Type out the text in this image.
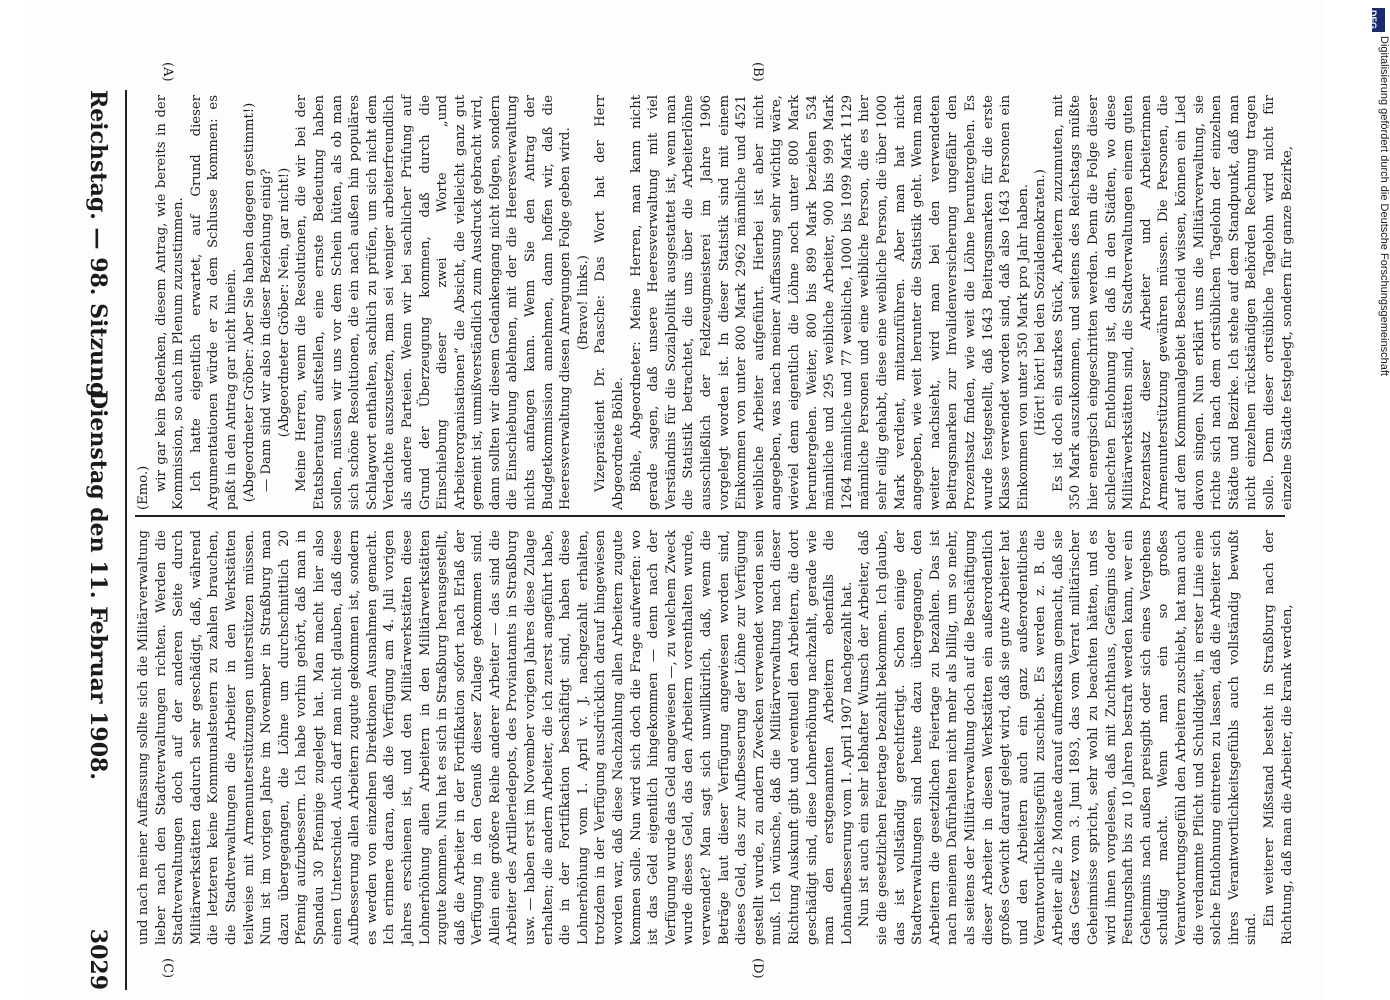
DFG
Digitalisierung gefördert durch die Deutsche Forschungsgemeinschaft
Reichstag. — 98. Sitzung.
Dienstag den 11. Februar 1908.
3029
(A)	(B)
(C)	(D)

(Emo.) wir gar kein Bedenken, diesem Antrag, wie bereits in der Kommission, so auch im Plenum zuzustimmen. Ich hatte eigentlich erwartet, auf Grund dieser Argumentationen würde er zu dem Schlusse kommen: es paßt in den Antrag gar nicht hinein. (Abgeordneter Gröber: Aber Sie haben dagegen gestimmt!) — Dann sind wir also in dieser Beziehung einig? (Abgeordneter Gröber: Nein, gar nicht!) Meine Herren, wenn die Resolutionen, die wir bei der Etatsberatung aufstellen, eine ernste Bedeutung haben sollen, müssen wir uns vor dem Schein hüten, als ob man sich schöne Resolutionen, die ein nach außen hin populäres Schlagwort enthalten, sachlich zu prüfen, um sich nicht dem Verdachte auszusetzen, man sei weniger arbeiterfreundlich als andere Parteien. Wenn wir bei sachlicher Prüfung auf Grund der Überzeugung kommen, daß durch die Einschiebung dieser zwei Worte „und Arbeiterorganisationen“ die Absicht, die vielleicht ganz gut gemeint ist, unmißverständlich zum Ausdruck gebracht wird, dann sollten wir diesem Gedankengang nicht folgen, sondern die Einschiebung ablehnen, mit der die Heeresverwaltung nichts anfangen kann. Wenn Sie den Antrag der Budgetkommission annehmen, dann hoffen wir, daß die Heeresverwaltung diesen Anregungen Folge geben wird. (Bravo! links.) Vizepräsident Dr. Paasche: Das Wort hat der Herr Abgeordnete Böhle. Böhle, Abgeordneter: Meine Herren, man kann nicht gerade sagen, daß unsere Heeresverwaltung mit viel Verständnis für die Sozialpolitik ausgestattet ist, wenn man die Statistik betrachtet, die uns über die Arbeiterlöhne ausschließlich der Feldzeugmeisterei im Jahre 1906 vorgelegt worden ist. In dieser Statistik sind mit einem Einkommen von unter 800 Mark 2962 männliche und 4521 weibliche Arbeiter aufgeführt. Hierbei ist aber nicht angegeben, was nach meiner Auffassung sehr wichtig wäre, wieviel denn eigentlich die Löhne noch unter 800 Mark heruntergehen. Weiter, 800 bis 899 Mark beziehen 534 männliche und 295 weibliche Arbeiter, 900 bis 999 Mark 1264 männliche und 77 weibliche, 1000 bis 1099 Mark 1129 männliche Personen und eine weibliche Person, die es hier sehr eilig gehabt, diese eine weibliche Person, die über 1000 Mark verdient, mitanzuführen. Aber man hat nicht angegeben, wie weit herunter die Statistik geht. Wenn man weiter nachsieht, wird man bei den verwendeten Beitragsmarken zur Invalidenversicherung ungefähr den Prozentsatz finden, wie weit die Löhne heruntergehen. Es wurde festgestellt, daß 1643 Beitragsmarken für die erste Klasse verwendet worden sind, daß also 1643 Personen ein Einkommen von unter 350 Mark pro Jahr haben. (Hört! hört! bei den Sozialdemokraten.) Es ist doch ein starkes Stück, Arbeitern zuzumuten, mit 350 Mark auszukommen, und seitens des Reichstags müßte hier energisch eingeschritten werden. Denn die Folge dieser schlechten Entlohnung ist, daß in den Städten, wo diese Militärwerkstätten sind, die Stadtverwaltungen einem guten Prozentsatz dieser Arbeiter und Arbeiterinnen Armenunterstützung gewähren müssen. Die Personen, die auf dem Kommunalgebiet Bescheid wissen, können ein Lied davon singen. Nun erklärt uns die Militärverwaltung, sie richte sich nach dem ortsüblichen Tagelohn der einzelnen Städte und Bezirke. Ich stehe auf dem Standpunkt, daß man nicht einzelnen rückständigen Behörden Rechnung tragen solle. Denn dieser ortsübliche Tagelohn wird nicht für einzelne Städte festgelegt, sondern für ganze Bezirke,

und nach meiner Auffassung sollte sich die Militärverwaltung lieber nach den Stadtverwaltungen richten. Werden die Stadtverwaltungen doch auf der anderen Seite durch Militärwerkstätten dadurch sehr geschädigt, daß, während die letzteren keine Kommunalsteuern zu zahlen brauchen, die Stadtverwaltungen die Arbeiter in den Werkstätten teilweise mit Armenunterstützungen unterstützen müssen. Nun ist im vorigen Jahre im November in Straßburg man dazu übergegangen, die Löhne um durchschnittlich 20 Pfennig aufzubessern. Ich habe vorhin gehört, daß man in Spandau 30 Pfennige zugelegt hat. Man macht hier also einen Unterschied. Auch darf man nicht glauben, daß diese Aufbesserung allen Arbeitern zugute gekommen ist, sondern es werden von einzelnen Direktionen Ausnahmen gemacht. Ich erinnere daran, daß die Verfügung am 4. Juli vorigen Jahres erschienen ist, und den Militärwerkstätten diese Lohnerhöhung allen Arbeitern in den Militärwerkstätten zugute kommen. Nun hat es sich in Straßburg herausgestellt, daß die Arbeiter in der Fortifikation sofort nach Erlaß der Verfügung in den Genuß dieser Zulage gekommen sind. Allein eine größere Reihe anderer Arbeiter — das sind die Arbeiter des Artilleriedepots, des Proviantamts in Straßburg usw. — haben erst im November vorigen Jahres diese Zulage erhalten; die andern Arbeiter, die ich zuerst angeführt habe, die in der Fortifikation beschäftigt sind, haben diese Lohnerhöhung vom 1. April v. J. nachgezahlt erhalten, trotzdem in der Verfügung ausdrücklich darauf hingewiesen worden war, daß diese Nachzahlung allen Arbeitern zugute kommen solle. Nun wird sich doch die Frage aufwerfen: wo ist das Geld eigentlich hingekommen — denn nach der Verfügung wurde das Geld angewiesen —, zu welchem Zweck wurde dieses Geld, das den Arbeitern vorenthalten wurde, verwendet? Man sagt sich unwillkürlich, daß, wenn die Beträge laut dieser Verfügung angewiesen worden sind, dieses Geld, das zur Aufbesserung der Löhne zur Verfügung gestellt wurde, zu andern Zwecken verwendet worden sein muß. Ich wünsche, daß die Militärverwaltung nach dieser Richtung Auskunft gibt und eventuell den Arbeitern, die dort geschädigt sind, diese Lohnerhöhung nachzahlt, gerade wie man den erstgenannten Arbeitern ebenfalls die Lohnaufbesserung vom 1. April 1907 nachgezahlt hat. Nun ist auch ein sehr lebhafter Wunsch der Arbeiter, daß sie die gesetzlichen Feiertage bezahlt bekommen. Ich glaube, das ist vollständig gerechtfertigt. Schon einige der Stadtverwaltungen sind heute dazu übergegangen, den Arbeitern die gesetzlichen Feiertage zu bezahlen. Das ist nach meinem Dafürhalten nicht mehr als billig, um so mehr, als seitens der Militärverwaltung doch auf die Beschäftigung dieser Arbeiter in diesen Werkstätten ein außerordentlich großes Gewicht darauf gelegt wird, daß sie gute Arbeiter hat und den Arbeitern auch ein ganz außerordentliches Verantwortlichkeitsgefühl zuschiebt. Es werden z. B. die Arbeiter alle 2 Monate darauf aufmerksam gemacht, daß sie das Gesetz vom 3. Juni 1893, das vom Verrat militärischer Geheimnisse spricht, sehr wohl zu beachten hätten, und es wird ihnen vorgelesen, daß mit Zuchthaus, Gefängnis oder Festungshaft bis zu 10 Jahren bestraft werden kann, wer ein Geheimnis nach außen preisgibt oder sich eines Vergehens schuldig macht. Wenn man ein so großes Verantwortungsgefühl den Arbeitern zuschiebt, hat man auch die verdammte Pflicht und Schuldigkeit, in erster Linie eine solche Entlohnung eintreten zu lassen, daß die Arbeiter sich ihres Verantwortlichkeitsgefühls auch vollständig bewußt sind.

Ein weiterer Mißstand besteht in Straßburg nach der Richtung, daß man die Arbeiter, die krank werden,
